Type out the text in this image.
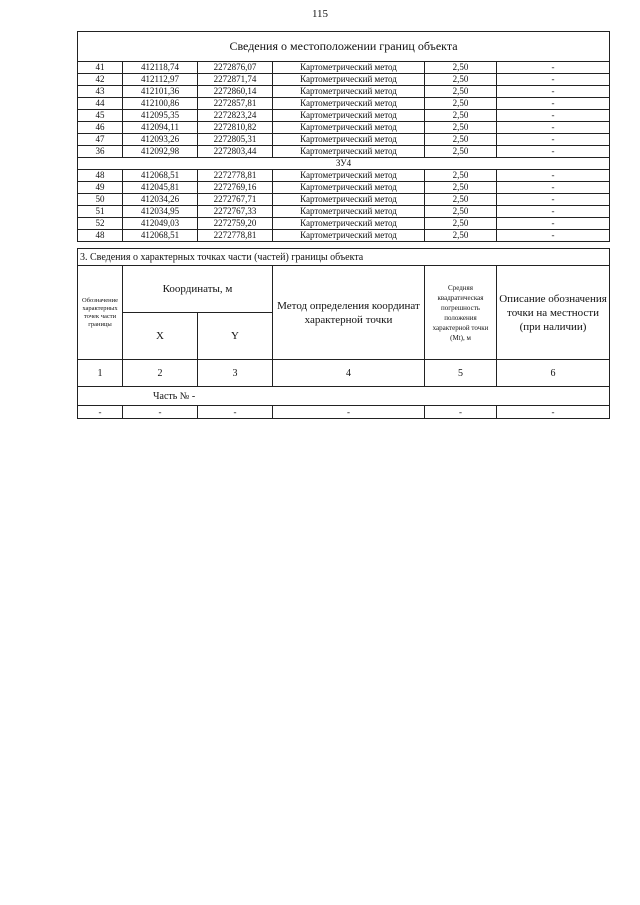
115
Сведения о местоположении границ объекта					
41	412118,74	2272876,07	Картометрический метод	2,50	-
42	412112,97	2272871,74	Картометрический метод	2,50	-
43	412101,36	2272860,14	Картометрический метод	2,50	-
44	412100,86	2272857,81	Картометрический метод	2,50	-
45	412095,35	2272823,24	Картометрический метод	2,50	-
46	412094,11	2272810,82	Картометрический метод	2,50	-
47	412093,26	2272805,31	Картометрический метод	2,50	-
36	412092,98	2272803,44	Картометрический метод	2,50	-
ЗУ4					
48	412068,51	2272778,81	Картометрический метод	2,50	-
49	412045,81	2272769,16	Картометрический метод	2,50	-
50	412034,26	2272767,71	Картометрический метод	2,50	-
51	412034,95	2272767,33	Картометрический метод	2,50	-
52	412049,03	2272759,20	Картометрический метод	2,50	-
48	412068,51	2272778,81	Картометрический метод	2,50	-
3. Сведения о характерных точках части (частей) границы объекта					
Обозначение характерных точек части границы	Координаты, м		Метод определения координат характерной точки	Средняя квадратическая погрешность положения характерной точки (Mt), м	Описание обозначения точки на местности (при наличии)
	X	Y			
1	2	3	4	5	6
Часть № -					
-	-	-	-	-	-
